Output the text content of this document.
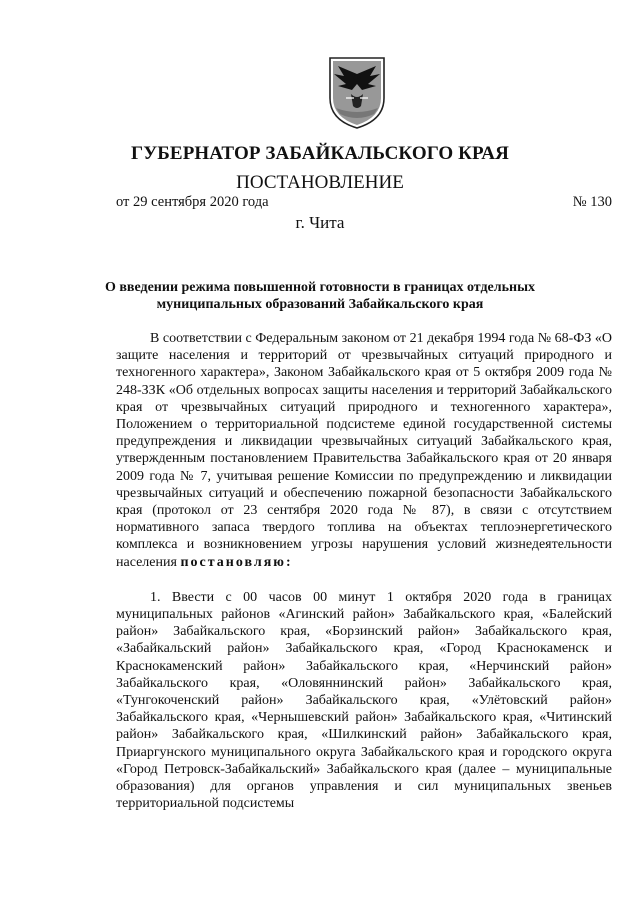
ГУБЕРНАТОР ЗАБАЙКАЛЬСКОГО КРАЯ
ПОСТАНОВЛЕНИЕ
от 29 сентября 2020 года	№ 130
г. Чита
О введении режима повышенной готовности в границах отдельных муниципальных образований Забайкальского края

В соответствии с Федеральным законом от 21 декабря 1994 года № 68-ФЗ «О защите населения и территорий от чрезвычайных ситуаций природного и техногенного характера», Законом Забайкальского края от 5 октября 2009 года № 248-ЗЗК «Об отдельных вопросах защиты населения и территорий Забайкальского края от чрезвычайных ситуаций природного и техногенного характера», Положением о территориальной подсистеме единой государственной системы предупреждения и ликвидации чрезвычайных ситуаций Забайкальского края, утвержденным постановлением Правительства Забайкальского края от 20 января 2009 года № 7, учитывая решение Комиссии по предупреждению и ликвидации чрезвычайных ситуаций и обеспечению пожарной безопасности Забайкальского края (протокол от 23 сентября 2020 года № 87), в связи с отсутствием нормативного запаса твердого топлива на объектах теплоэнергетического комплекса и возникновением угрозы нарушения условий жизнедеятельности населения постановляю:

1. Ввести с 00 часов 00 минут 1 октября 2020 года в границах муниципальных районов «Агинский район» Забайкальского края, «Балейский район» Забайкальского края, «Борзинский район» Забайкальского края, «Забайкальский район» Забайкальского края, «Город Краснокаменск и Краснокаменский район» Забайкальского края, «Нерчинский район» Забайкальского края, «Оловяннинский район» Забайкальского края, «Тунгокоченский район» Забайкальского края, «Улётовский район» Забайкальского края, «Чернышевский район» Забайкальского края, «Читинский район» Забайкальского края, «Шилкинский район» Забайкальского края, Приаргунского муниципального округа Забайкальского края и городского округа «Город Петровск-Забайкальский» Забайкальского края (далее – муниципальные образования) для органов управления и сил муниципальных звеньев территориальной подсистемы
